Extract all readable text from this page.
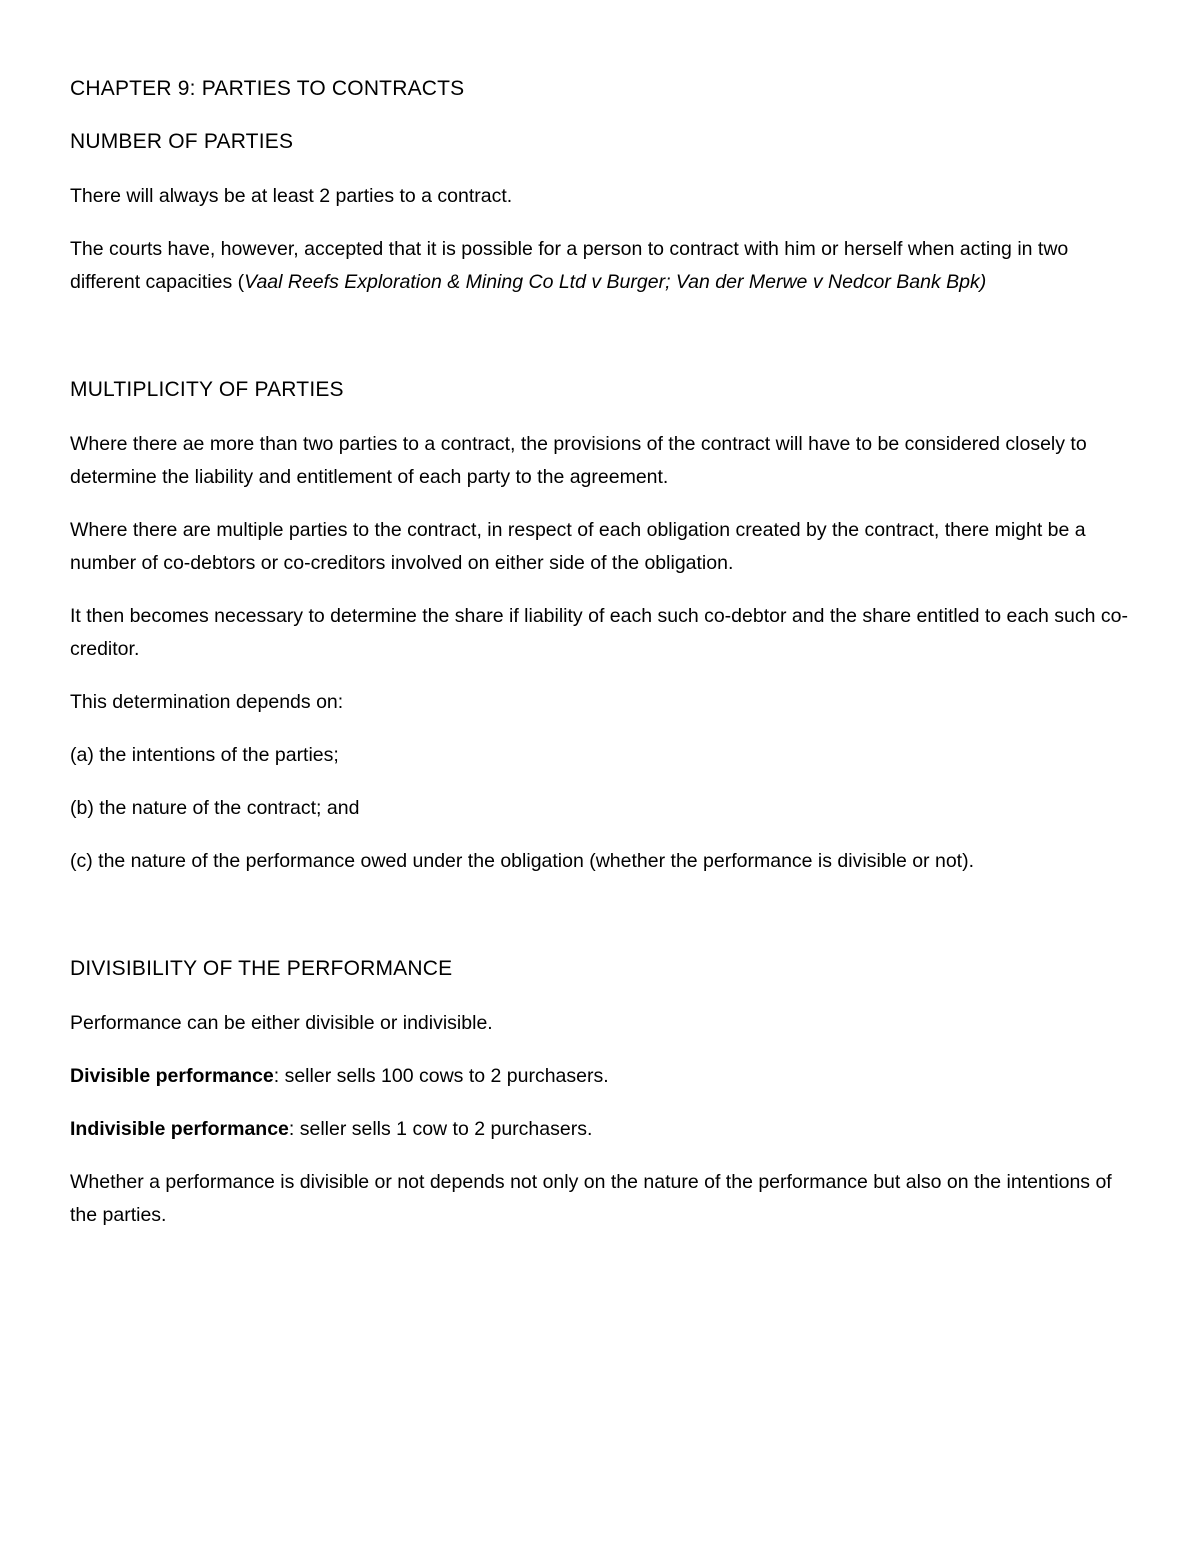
CHAPTER 9: PARTIES TO CONTRACTS
NUMBER OF PARTIES

There will always be at least 2 parties to a contract.

The courts have, however, accepted that it is possible for a person to contract with him or herself when acting in two different capacities (Vaal Reefs Exploration & Mining Co Ltd v Burger; Van der Merwe v Nedcor Bank Bpk)

MULTIPLICITY OF PARTIES

Where there ae more than two parties to a contract, the provisions of the contract will have to be considered closely to determine the liability and entitlement of each party to the agreement.

Where there are multiple parties to the contract, in respect of each obligation created by the contract, there might be a number of co-debtors or co-creditors involved on either side of the obligation.

It then becomes necessary to determine the share if liability of each such co-debtor and the share entitled to each such co-creditor.

This determination depends on:

(a) the intentions of the parties;

(b) the nature of the contract; and

(c) the nature of the performance owed under the obligation (whether the performance is divisible or not).

DIVISIBILITY OF THE PERFORMANCE

Performance can be either divisible or indivisible.

Divisible performance: seller sells 100 cows to 2 purchasers.

Indivisible performance: seller sells 1 cow to 2 purchasers.

Whether a performance is divisible or not depends not only on the nature of the performance but also on the intentions of the parties.
